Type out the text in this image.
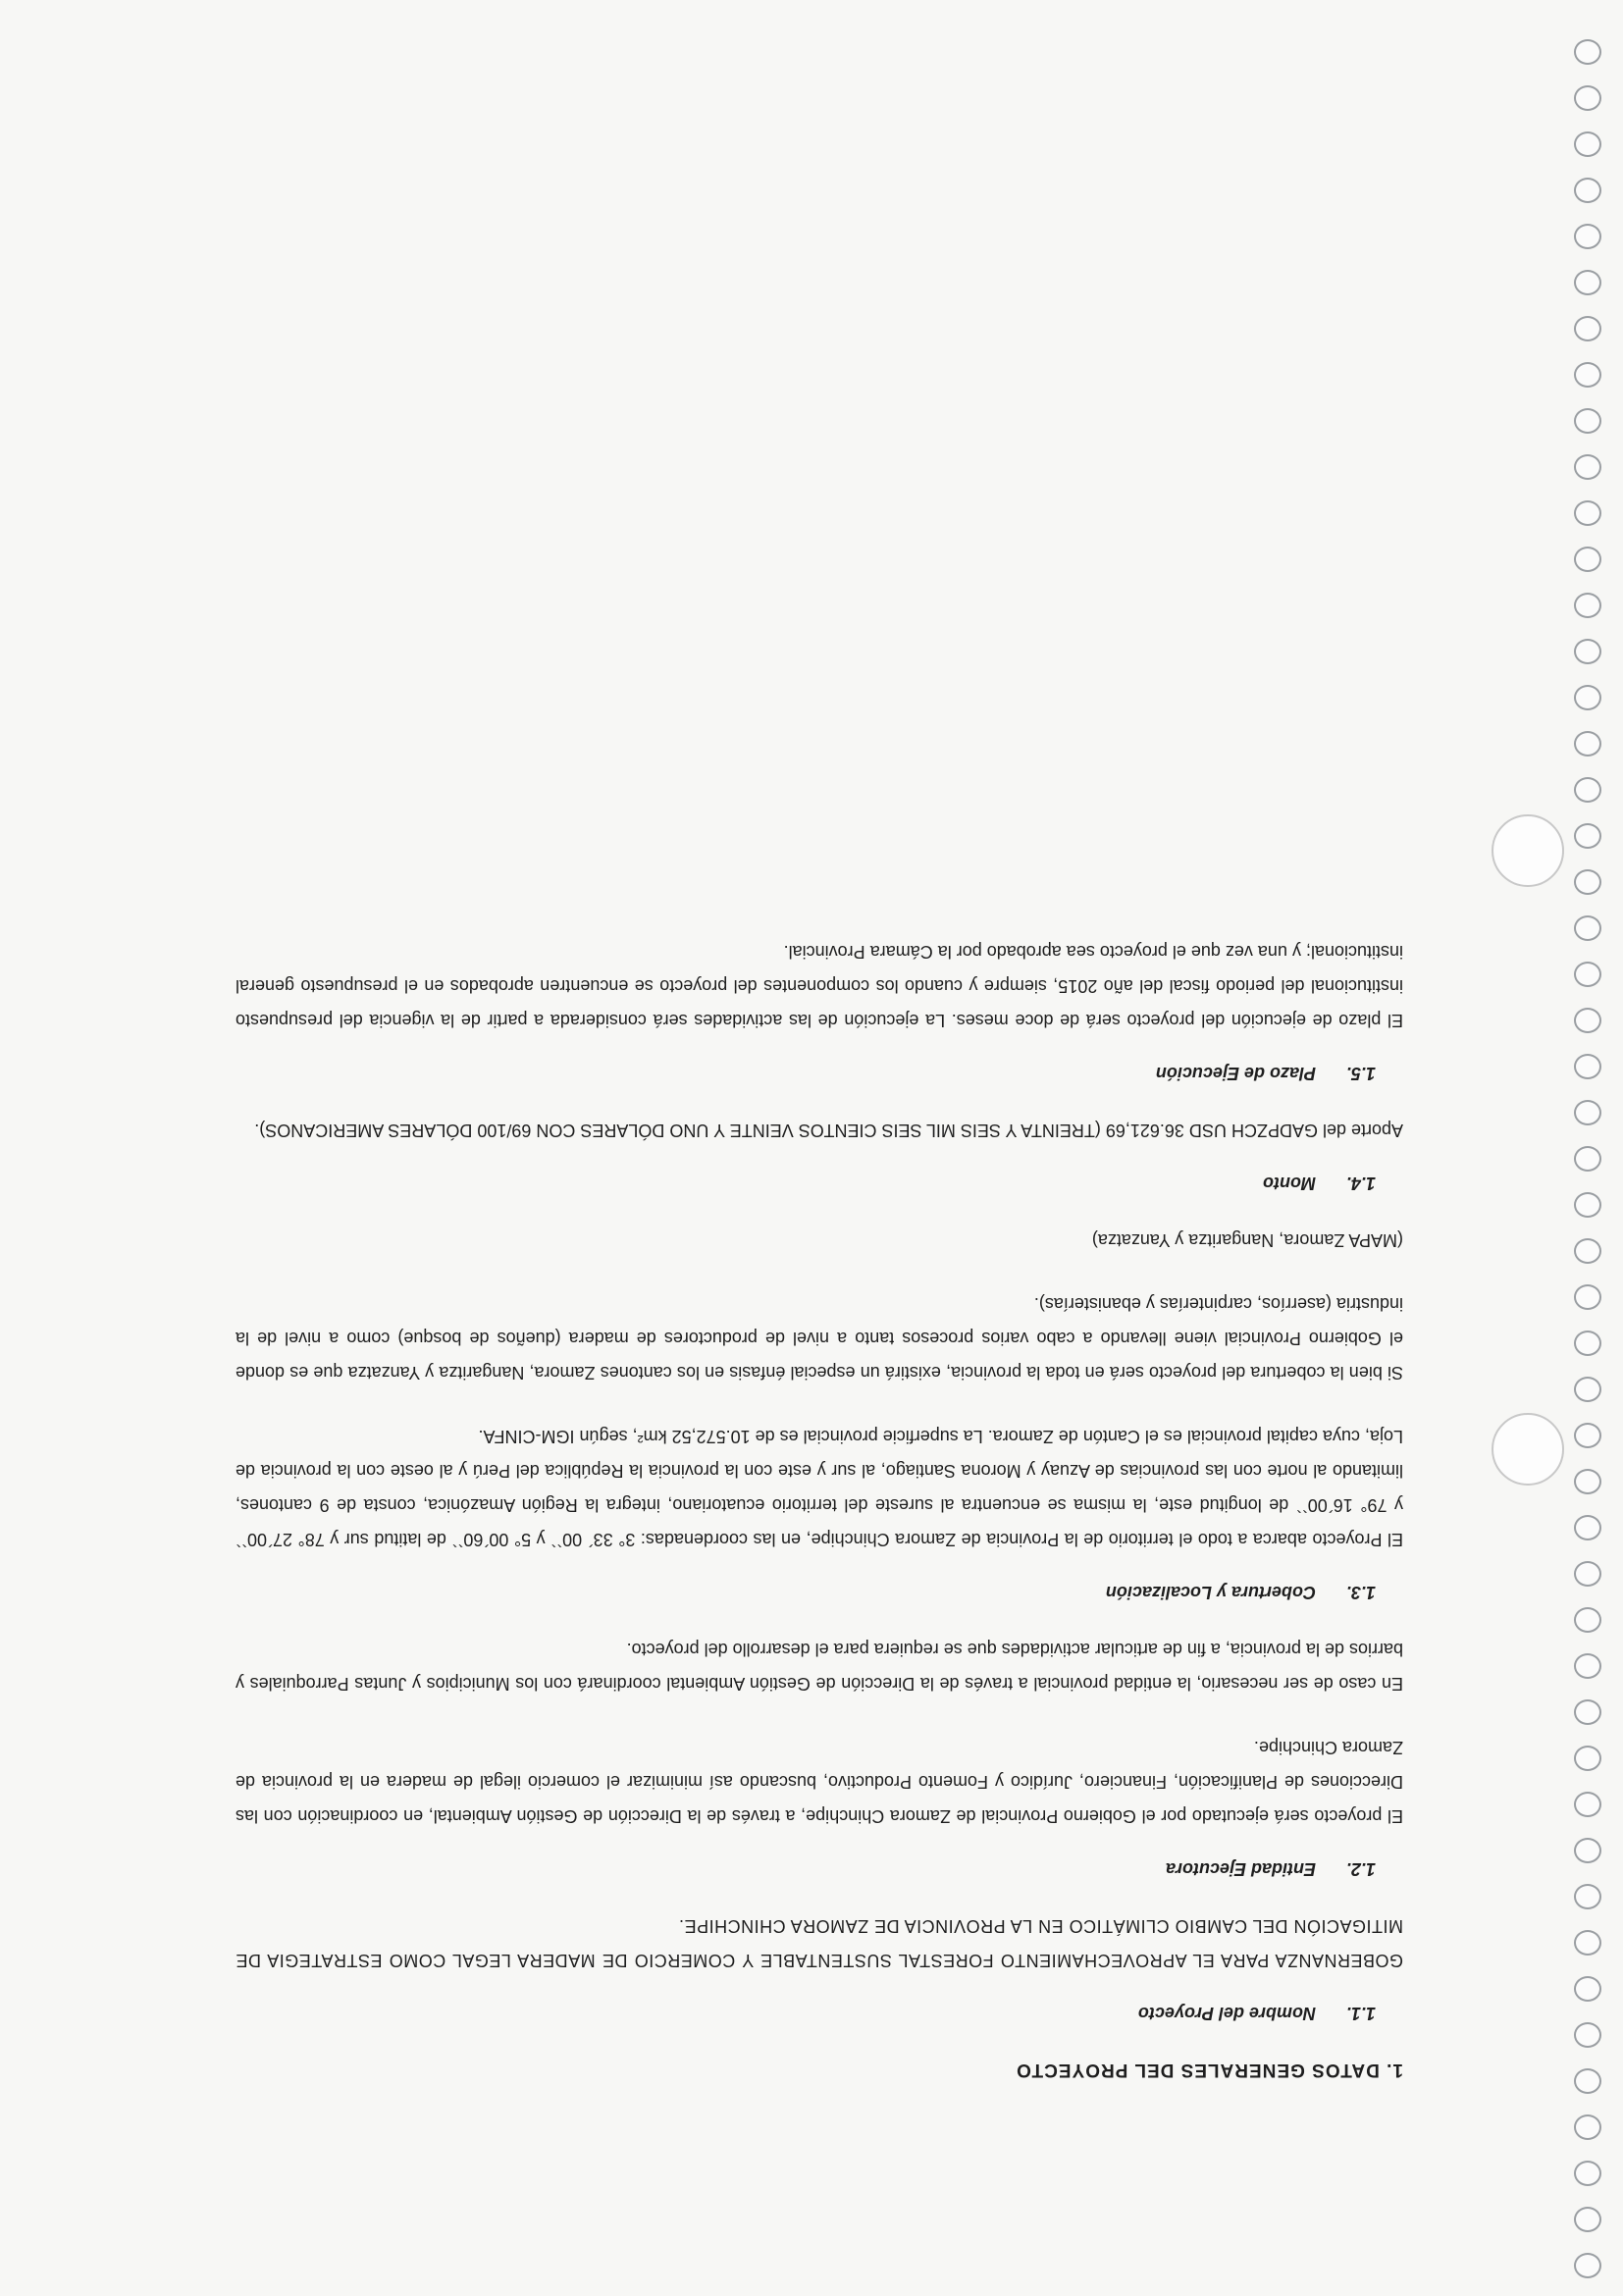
1. DATOS GENERALES DEL PROYECTO
1.1. Nombre del Proyecto

GOBERNANZA PARA EL APROVECHAMIENTO FORESTAL SUSTENTABLE Y COMERCIO DE MADERA LEGAL COMO ESTRATEGIA DE MITIGACIÓN DEL CAMBIO CLIMÁTICO EN LA PROVINCIA DE ZAMORA CHINCHIPE.

1.2. Entidad Ejecutora

El proyecto será ejecutado por el Gobierno Provincial de Zamora Chinchipe, a través de la Dirección de Gestión Ambiental, en coordinación con las Direcciones de Planificación, Financiero, Jurídico y Fomento Productivo, buscando así minimizar el comercio ilegal de madera en la provincia de Zamora Chinchipe.

En caso de ser necesario, la entidad provincial a través de la Dirección de Gestión Ambiental coordinará con los Municipios y Juntas Parroquiales y barrios de la provincia, a fin de articular actividades que se requiera para el desarrollo del proyecto.

1.3. Cobertura y Localización

El Proyecto abarca a todo el territorio de la Provincia de Zamora Chinchipe, en las coordenadas: 3° 33´ 00`` y 5° 00´60`` de latitud sur y 78° 27´00`` y 79° 16´00`` de longitud este, la misma se encuentra al sureste del territorio ecuatoriano, integra la Región Amazónica, consta de 9 cantones, limitando al norte con las provincias de Azuay y Morona Santiago, al sur y este con la provincia la República del Perú y al oeste con la provincia de Loja, cuya capital provincial es el Cantón de Zamora. La superficie provincial es de 10.572,52 km², según IGM-CINFA.

Si bien la cobertura del proyecto será en toda la provincia, existirá un especial énfasis en los cantones Zamora, Nangaritza y Yanzatza que es donde el Gobierno Provincial viene llevando a cabo varios procesos tanto a nivel de productores de madera (dueños de bosque) como a nivel de la industria (aserríos, carpinterías y ebanisterías).

(MAPA Zamora, Nangaritza y Yanzatza)

1.4. Monto

Aporte del GADPZCH USD 36.621,69 (TREINTA Y SEIS MIL SEIS CIENTOS VEINTE Y UNO DÓLARES CON 69/100 DÓLARES AMERICANOS).

1.5. Plazo de Ejecución

El plazo de ejecución del proyecto será de doce meses. La ejecución de las actividades será considerada a partir de la vigencia del presupuesto institucional del periodo fiscal del año 2015, siempre y cuando los componentes del proyecto se encuentren aprobados en el presupuesto general institucional; y una vez que el proyecto sea aprobado por la Cámara Provincial.
